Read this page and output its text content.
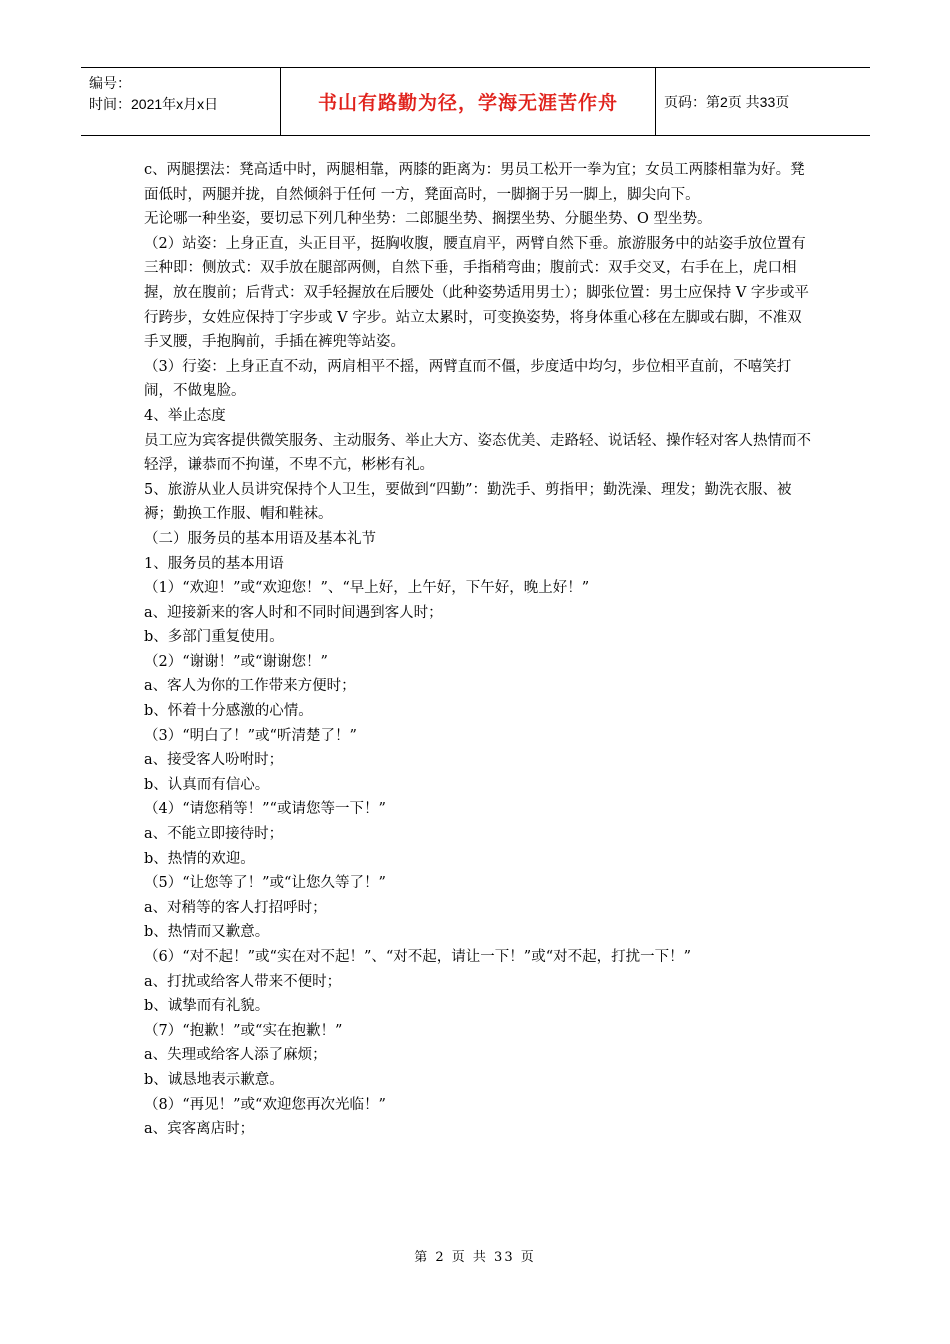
编号：
时间：2021年x月x日	书山有路勤为径，学海无涯苦作舟	页码：第2页 共33页

c、两腿摆法：凳高适中时，两腿相靠，两膝的距离为：男员工松开一拳为宜；女员工两膝相靠为好。凳面低时，两腿并拢，自然倾斜于任何 一方，凳面高时，一脚搁于另一脚上，脚尖向下。

无论哪一种坐姿，要切忌下列几种坐势：二郎腿坐势、搁摆坐势、分腿坐势、O 型坐势。

（2）站姿：上身正直，头正目平，挺胸收腹，腰直肩平，两臂自然下垂。旅游服务中的站姿手放位置有三种即：侧放式：双手放在腿部两侧，自然下垂，手指稍弯曲；腹前式：双手交叉，右手在上，虎口相握，放在腹前；后背式：双手轻握放在后腰处（此种姿势适用男士）；脚张位置：男士应保持 V 字步或平行跨步，女姓应保持丁字步或 V 字步。站立太累时，可变换姿势，将身体重心移在左脚或右脚，不准双手叉腰，手抱胸前，手插在裤兜等站姿。

（3）行姿：上身正直不动，两肩相平不摇，两臂直而不僵，步度适中均匀，步位相平直前，不嘻笑打闹，不做鬼脸。

4、举止态度

员工应为宾客提供微笑服务、主动服务、举止大方、姿态优美、走路轻、说话轻、操作轻对客人热情而不轻浮，谦恭而不拘谨，不卑不亢，彬彬有礼。

5、旅游从业人员讲究保持个人卫生，要做到“四勤”：勤洗手、剪指甲；勤洗澡、理发；勤洗衣服、被褥；勤换工作服、帽和鞋袜。

（二）服务员的基本用语及基本礼节

1、服务员的基本用语

（1）“欢迎！”或“欢迎您！”、“早上好，上午好，下午好，晚上好！”

a、迎接新来的客人时和不同时间遇到客人时；

b、多部门重复使用。

（2）“谢谢！”或“谢谢您！”

a、客人为你的工作带来方便时；

b、怀着十分感激的心情。

（3）“明白了！”或“听清楚了！”

a、接受客人吩咐时；

b、认真而有信心。

（4）“请您稍等！”“或请您等一下！”

a、不能立即接待时；

b、热情的欢迎。

（5）“让您等了！”或“让您久等了！”

a、对稍等的客人打招呼时；

b、热情而又歉意。

（6）“对不起！”或“实在对不起！”、“对不起，请让一下！”或“对不起，打扰一下！”

a、打扰或给客人带来不便时；

b、诚挚而有礼貌。

（7）“抱歉！”或“实在抱歉！”

a、失理或给客人添了麻烦；

b、诚恳地表示歉意。

（8）“再见！”或“欢迎您再次光临！”

a、宾客离店时；

第 2 页 共 33 页
